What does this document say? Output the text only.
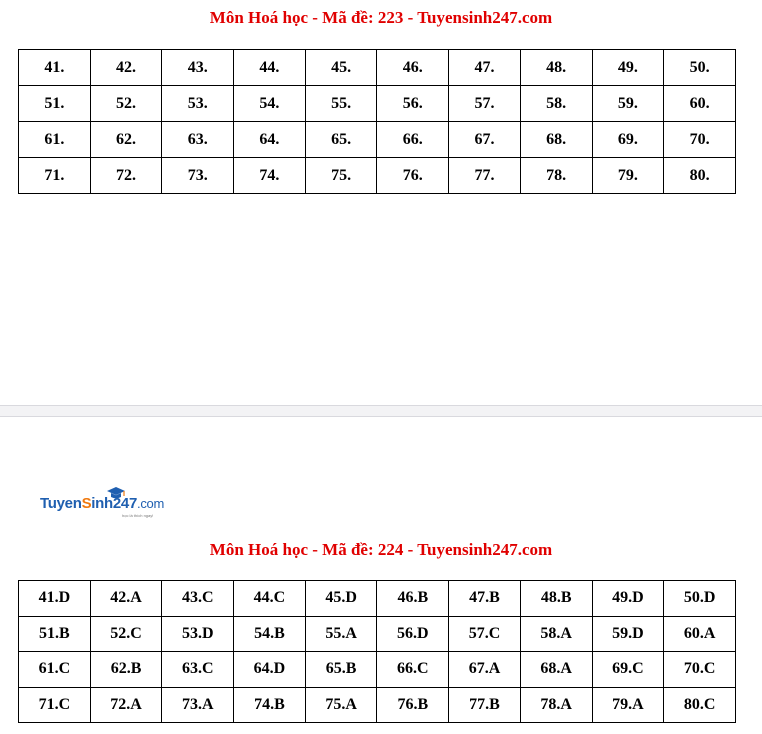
Môn Hoá học - Mã đề: 223 - Tuyensinh247.com
41.	42.	43.	44.	45.	46.	47.	48.	49.	50.
51.	52.	53.	54.	55.	56.	57.	58.	59.	60.
61.	62.	63.	64.	65.	66.	67.	68.	69.	70.
71.	72.	73.	74.	75.	76.	77.	78.	79.	80.
TuyenSinh247.com
học là thích ngay!
Môn Hoá học - Mã đề: 224 - Tuyensinh247.com
41.D	42.A	43.C	44.C	45.D	46.B	47.B	48.B	49.D	50.D
51.B	52.C	53.D	54.B	55.A	56.D	57.C	58.A	59.D	60.A
61.C	62.B	63.C	64.D	65.B	66.C	67.A	68.A	69.C	70.C
71.C	72.A	73.A	74.B	75.A	76.B	77.B	78.A	79.A	80.C
